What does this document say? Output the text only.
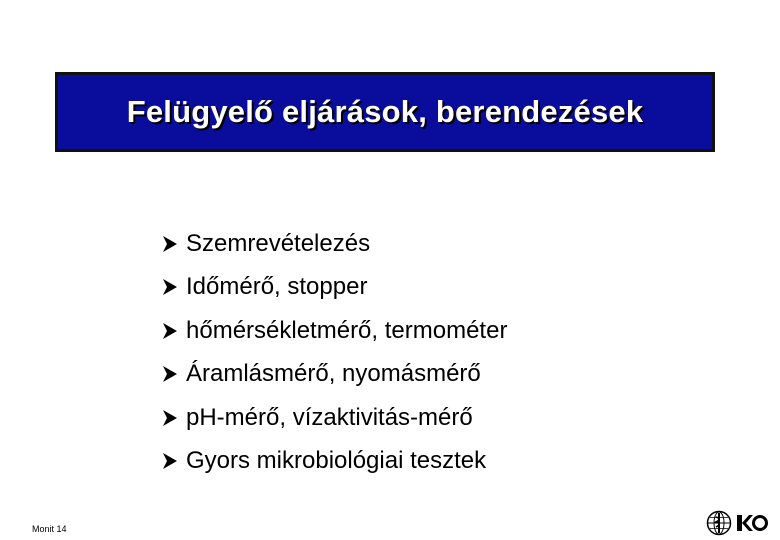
Felügyelő eljárások, berendezések
Szemrevételezés
Időmérő, stopper
hőmérsékletmérő, termométer
Áramlásmérő, nyomásmérő
pH-mérő, vízaktivitás-mérő
Gyors mikrobiológiai tesztek
Monit 14
